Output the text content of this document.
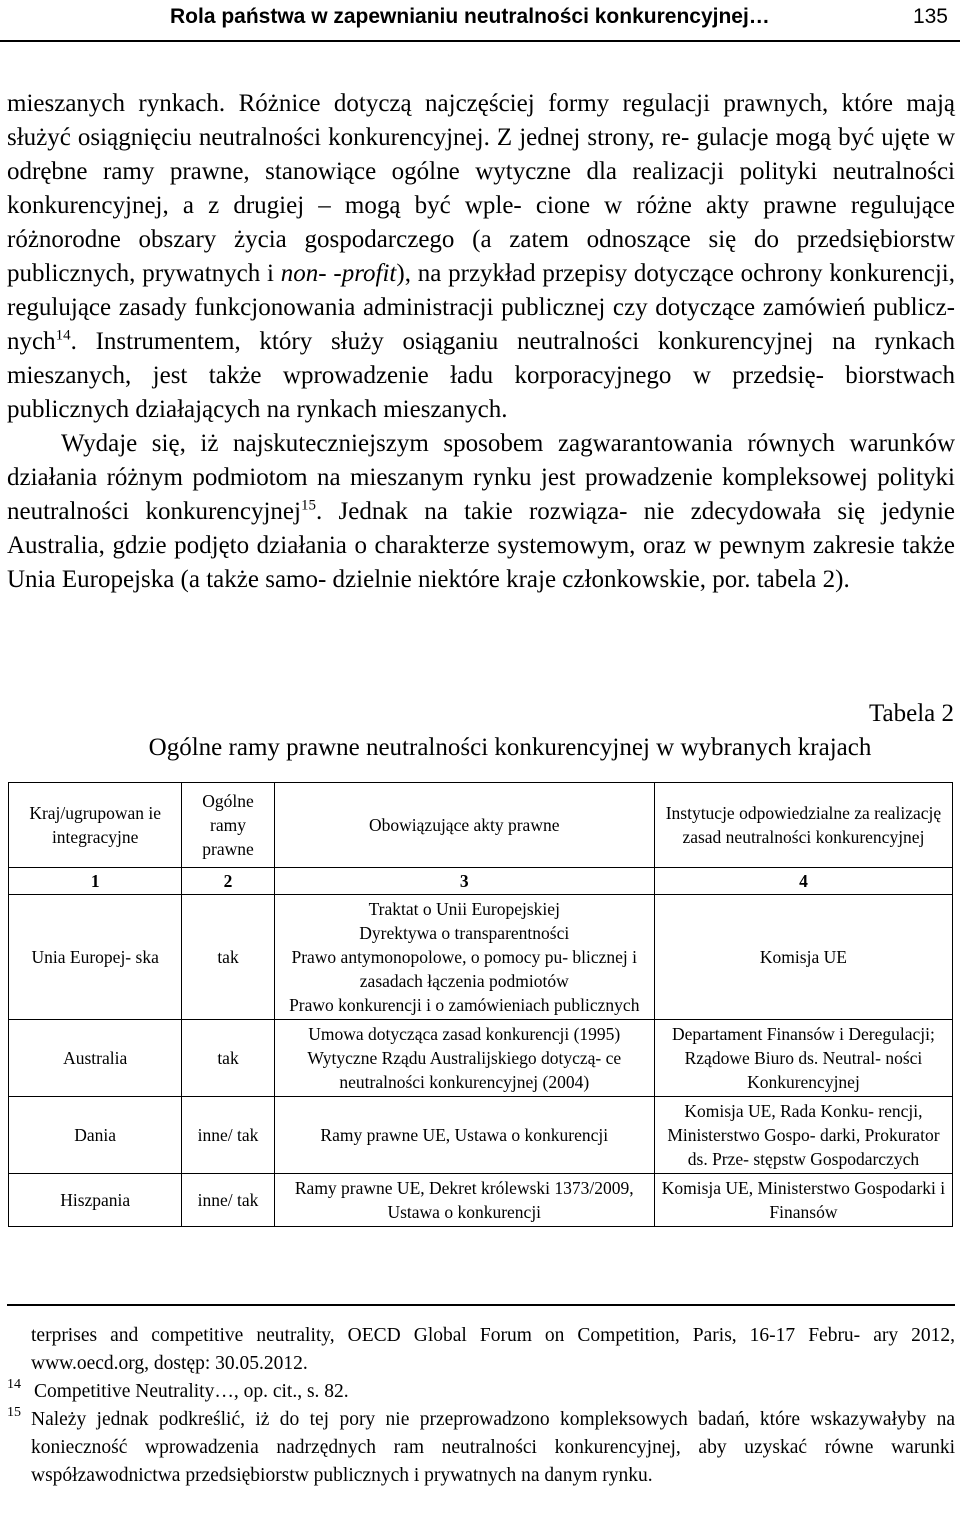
Rola państwa w zapewnianiu neutralności konkurencyjnej…	135

mieszanych rynkach. Różnice dotyczą najczęściej formy regulacji prawnych, które mają służyć osiągnięciu neutralności konkurencyjnej. Z jednej strony, re- gulacje mogą być ujęte w odrębne ramy prawne, stanowiące ogólne wytyczne dla realizacji polityki neutralności konkurencyjnej, a z drugiej – mogą być wple- cione w różne akty prawne regulujące różnorodne obszary życia gospodarczego (a zatem odnoszące się do przedsiębiorstw publicznych, prywatnych i non- -profit), na przykład przepisy dotyczące ochrony konkurencji, regulujące zasady funkcjonowania administracji publicznej czy dotyczące zamówień publicz- nych$^{14}$. Instrumentem, który służy osiąganiu neutralności konkurencyjnej na rynkach mieszanych, jest także wprowadzenie ładu korporacyjnego w przedsię- biorstwach publicznych działających na rynkach mieszanych.

Wydaje się, iż najskuteczniejszym sposobem zagwarantowania równych warunków działania różnym podmiotom na mieszanym rynku jest prowadzenie kompleksowej polityki neutralności konkurencyjnej$^{15}$. Jednak na takie rozwiąza- nie zdecydowała się jedynie Australia, gdzie podjęto działania o charakterze systemowym, oraz w pewnym zakresie także Unia Europejska (a także samo- dzielnie niektóre kraje członkowskie, por. tabela 2).

Tabela 2
Ogólne ramy prawne neutralności konkurencyjnej w wybranych krajach
Kraj/ugrupowan ie integracyjne	Ogólne ramy prawne	Obowiązujące akty prawne	Instytucje odpowiedzialne za realizację zasad neutralności konkurencyjnej
1	2	3	4
Unia Europej- ska	tak	Traktat o Unii Europejskiej
Dyrektywa o transparentności
Prawo antymonopolowe, o pomocy pu- blicznej i zasadach łączenia podmiotów
Prawo konkurencji i o zamówieniach publicznych	Komisja UE
Australia	tak	Umowa dotycząca zasad konkurencji (1995)
Wytyczne Rządu Australijskiego dotyczą- ce neutralności konkurencyjnej (2004)	Departament Finansów i Deregulacji; Rządowe Biuro ds. Neutral- ności Konkurencyjnej
Dania	inne/ tak	Ramy prawne UE, Ustawa o konkurencji	Komisja UE, Rada Konku- rencji, Ministerstwo Gospo- darki, Prokurator ds. Prze- stępstw Gospodarczych
Hiszpania	inne/ tak	Ramy prawne UE, Dekret królewski 1373/2009, Ustawa o konkurencji	Komisja UE, Ministerstwo Gospodarki i Finansów

terprises and competitive neutrality, OECD Global Forum on Competition, Paris, 16-17 Febru- ary 2012, www.oecd.org, dostęp: 30.05.2012.

14 Competitive Neutrality…, op. cit., s. 82.

15 Należy jednak podkreślić, iż do tej pory nie przeprowadzono kompleksowych badań, które wskazywałyby na konieczność wprowadzenia nadrzędnych ram neutralności konkurencyjnej, aby uzyskać równe warunki współzawodnictwa przedsiębiorstw publicznych i prywatnych na danym rynku.
